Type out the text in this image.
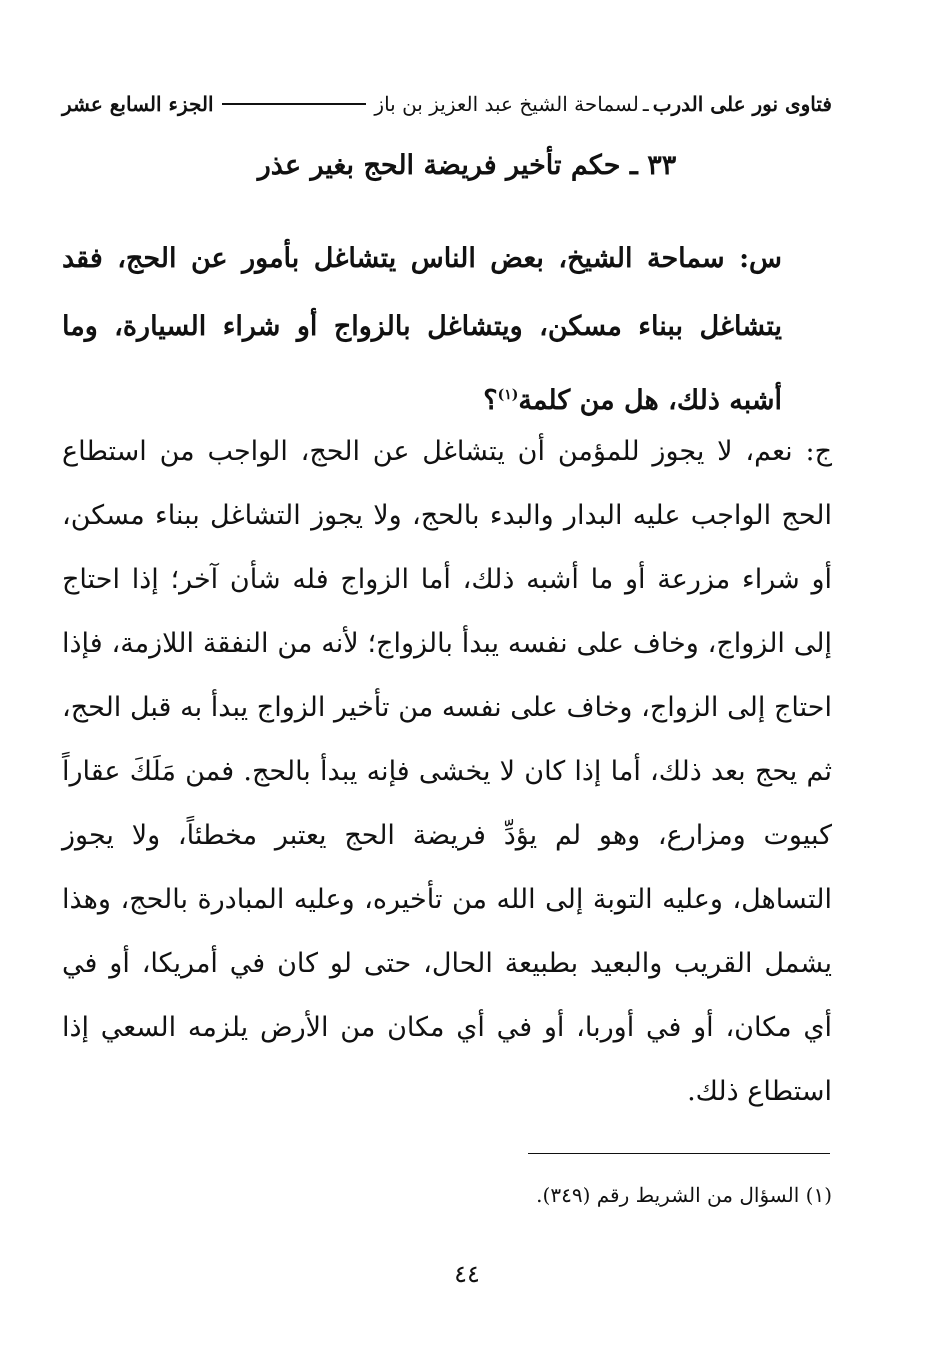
فتاوى نور على الدرب
ـ
لسماحة الشيخ عبد العزيز بن باز
الجزء السابع عشر
٣٣ ـ حكم تأخير فريضة الحج بغير عذر
س: سماحة الشيخ، بعض الناس يتشاغل بأمور عن الحج، فقد يتشاغل ببناء مسكن، ويتشاغل بالزواج أو شراء السيارة، وما أشبه ذلك، هل من كلمة$^{(١)}$؟
ج: نعم، لا يجوز للمؤمن أن يتشاغل عن الحج، الواجب من استطاع الحج الواجب عليه البدار والبدء بالحج، ولا يجوز التشاغل ببناء مسكن، أو شراء مزرعة أو ما أشبه ذلك، أما الزواج فله شأن آخر؛ إذا احتاج إلى الزواج، وخاف على نفسه يبدأ بالزواج؛ لأنه من النفقة اللازمة، فإذا احتاج إلى الزواج، وخاف على نفسه من تأخير الزواج يبدأ به قبل الحج، ثم يحج بعد ذلك، أما إذا كان لا يخشى فإنه يبدأ بالحج. فمن مَلَكَ عقاراً كبيوت ومزارع، وهو لم يؤدِّ فريضة الحج يعتبر مخطئاً، ولا يجوز التساهل، وعليه التوبة إلى الله من تأخيره، وعليه المبادرة بالحج، وهذا يشمل القريب والبعيد بطبيعة الحال، حتى لو كان في أمريكا، أو في أي مكان، أو في أوربا، أو في أي مكان من الأرض يلزمه السعي إذا استطاع ذلك.
(١) السؤال من الشريط رقم (٣٤٩).
٤٤
